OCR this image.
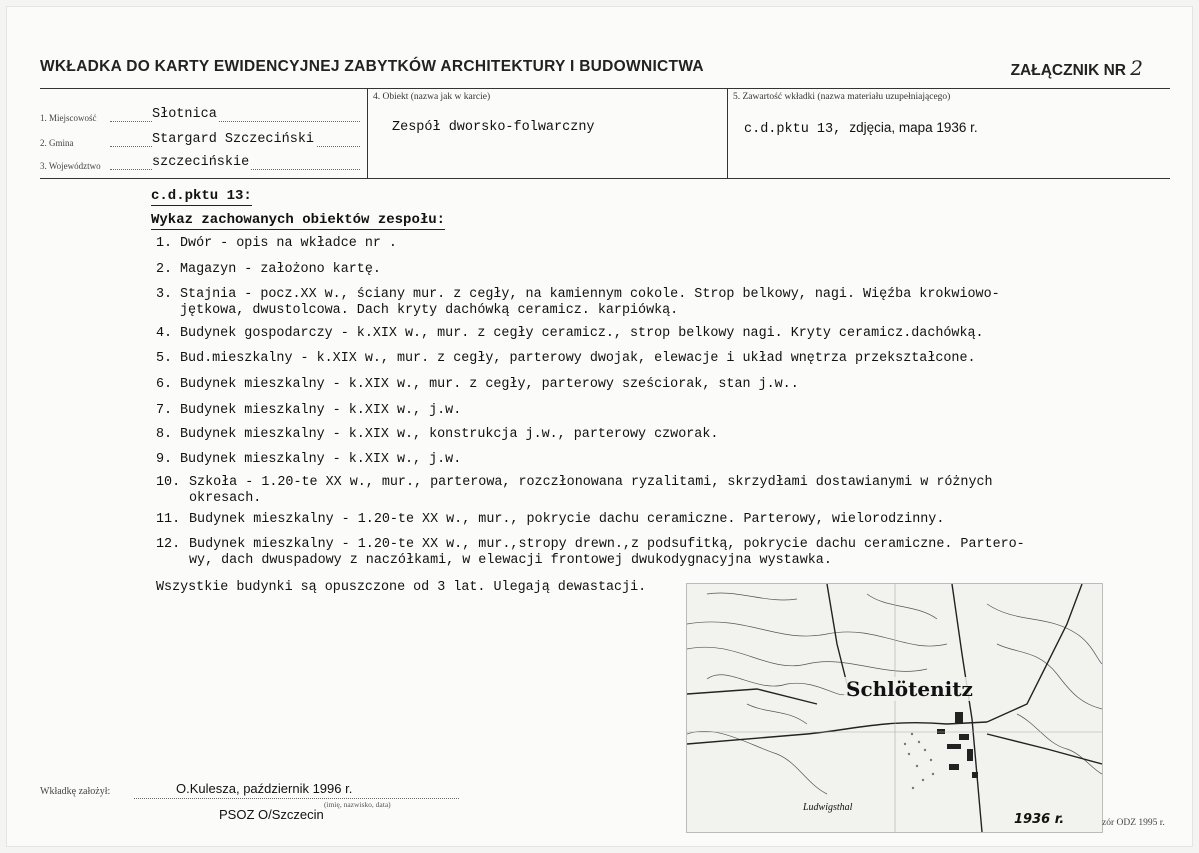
WKŁADKA DO KARTY EWIDENCYJNEJ ZABYTKÓW ARCHITEKTURY I BUDOWNICTWA	ZAŁĄCZNIK NR 2
1. Miejscowość	Słotnica
2. Gmina	Stargard Szczeciński
3. Województwo	szczecińskie
4. Obiekt (nazwa jak w karcie)
Zespół dworsko-folwarczny
5. Zawartość wkładki (nazwa materiału uzupełniającego)
c.d.pktu 13, zdjęcia, mapa 1936 r.
c.d.pktu 13:
Wykaz zachowanych obiektów zespołu:
1. Dwór - opis na wkładce nr .
2. Magazyn - założono kartę.
3. Stajnia - pocz.XX w., ściany mur. z cegły, na kamiennym cokole. Strop belkowy, nagi. Więźba krokwiowo-
jętkowa, dwustolcowa. Dach kryty dachówką ceramicz. karpiówką.
4. Budynek gospodarczy - k.XIX w., mur. z cegły ceramicz., strop belkowy nagi. Kryty ceramicz.dachówką.
5. Bud.mieszkalny - k.XIX w., mur. z cegły, parterowy dwojak, elewacje i układ wnętrza przekształcone.
6. Budynek mieszkalny - k.XIX w., mur. z cegły, parterowy sześciorak, stan j.w..
7. Budynek mieszkalny - k.XIX w., j.w.
8. Budynek mieszkalny - k.XIX w., konstrukcja j.w., parterowy czworak.
9. Budynek mieszkalny - k.XIX w., j.w.
10. Szkoła - 1.20-te XX w., mur., parterowa, rozczłonowana ryzalitami, skrzydłami dostawianymi w różnych
okresach.
11. Budynek mieszkalny - 1.20-te XX w., mur., pokrycie dachu ceramiczne. Parterowy, wielorodzinny.
12. Budynek mieszkalny - 1.20-te XX w., mur.,stropy drewn.,z podsufitką, pokrycie dachu ceramiczne. Partero-
wy, dach dwuspadowy z naczółkami, w elewacji frontowej dwukodygnacyjna wystawka.
Wszystkie budynki są opuszczone od 3 lat. Ulegają dewastacji.
Schlötenitz
Ludwigsthal
1936 r.	zór ODZ 1995 r.
Wkładkę założył:	O.Kulesza, październik 1996 r.
(imię, nazwisko, data)
PSOZ O/Szczecin
